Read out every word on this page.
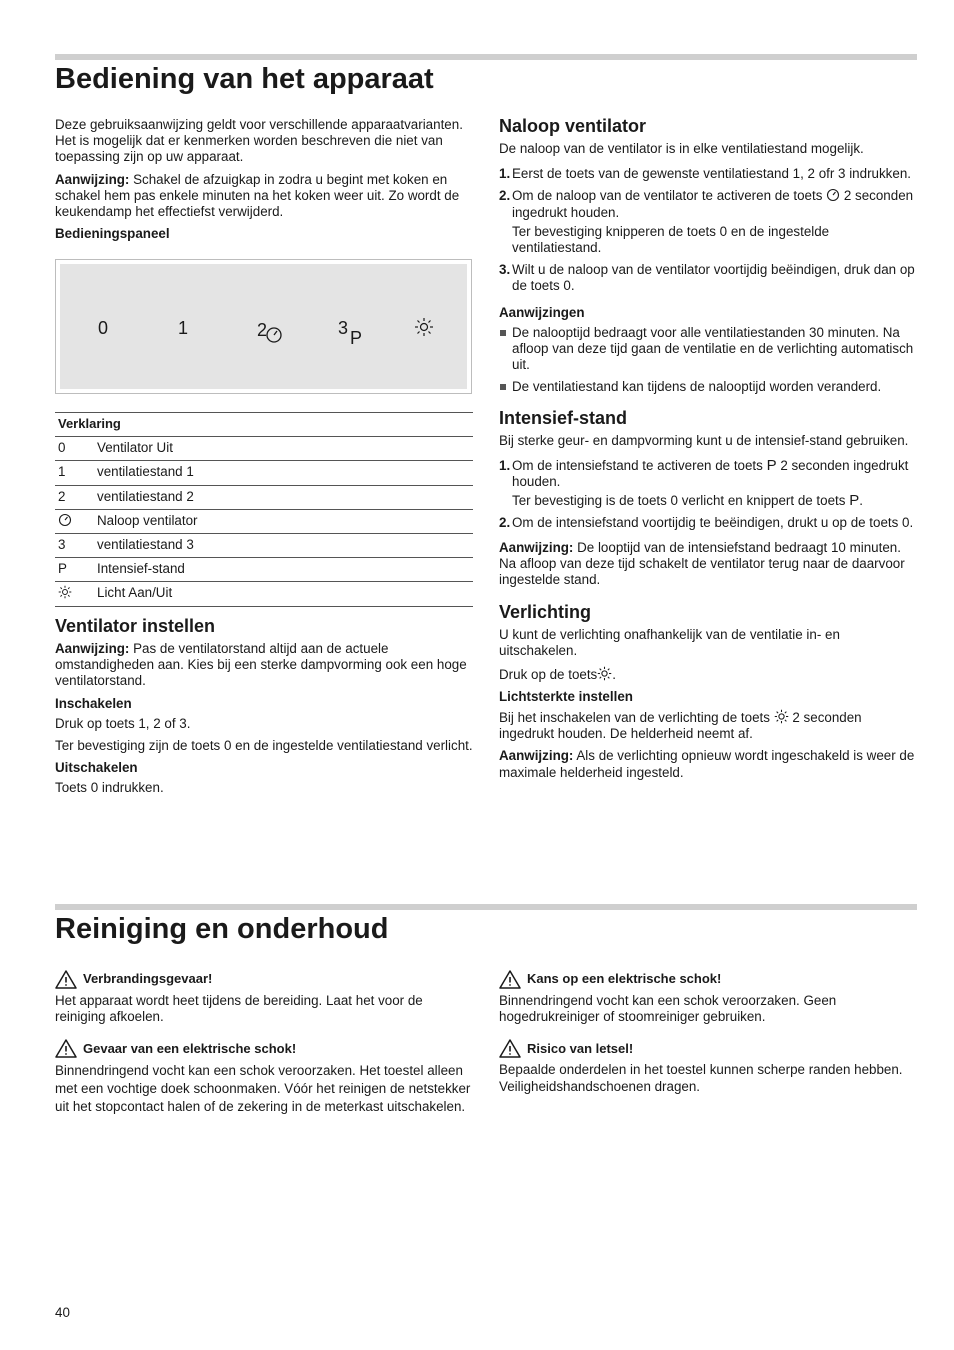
Bediening van het apparaat

Deze gebruiksaanwijzing geldt voor verschillende apparaatvarianten. Het is mogelijk dat er kenmerken worden beschreven die niet van toepassing zijn op uw apparaat.

Aanwijzing: Schakel de afzuigkap in zodra u begint met koken en schakel hem pas enkele minuten na het koken weer uit. Zo wordt de keukendamp het effectiefst verwijderd.

Bedieningspaneel
0	1	2	3 P
Verklaring	
0	Ventilator Uit
1	ventilatiestand 1
2	ventilatiestand 2
	Naloop ventilator
3	ventilatiestand 3
P	Intensief-stand
	Licht Aan/Uit
Ventilator instellen

Aanwijzing: Pas de ventilatorstand altijd aan de actuele omstandigheden aan. Kies bij een sterke dampvorming ook een hoge ventilatorstand.

Inschakelen

Druk op toets 1, 2 of 3.

Ter bevestiging zijn de toets 0 en de ingestelde ventilatiestand verlicht.

Uitschakelen

Toets 0 indrukken.

Naloop ventilator

De naloop van de ventilator is in elke ventilatiestand mogelijk.

1. Eerst de toets van de gewenste ventilatiestand 1, 2 ofr 3 indrukken.
2. Om de naloop van de ventilator te activeren de toets  2 seconden ingedrukt houden.
Ter bevestiging knipperen de toets 0 en de ingestelde ventilatiestand.
3. Wilt u de naloop van de ventilator voortijdig beëindigen, druk dan op de toets 0.
Aanwijzingen
De nalooptijd bedraagt voor alle ventilatiestanden 30 minuten. Na afloop van deze tijd gaan de ventilatie en de verlichting automatisch uit.
De ventilatiestand kan tijdens de nalooptijd worden veranderd.
Intensief-stand

Bij sterke geur- en dampvorming kunt u de intensief-stand gebruiken.

1. Om de intensiefstand te activeren de toets P 2 seconden ingedrukt houden.
Ter bevestiging is de toets 0 verlicht en knippert de toets P.
2. Om de intensiefstand voortijdig te beëindigen, drukt u op de toets 0.

Aanwijzing: De looptijd van de intensiefstand bedraagt 10 minuten. Na afloop van deze tijd schakelt de ventilator terug naar de daarvoor ingestelde stand.

Verlichting

U kunt de verlichting onafhankelijk van de ventilatie in- en uitschakelen.

Druk op de toets .

Lichtsterkte instellen

Bij het inschakelen van de verlichting de toets  2 seconden ingedrukt houden. De helderheid neemt af.

Aanwijzing: Als de verlichting opnieuw wordt ingeschakeld is weer de maximale helderheid ingesteld.

Reiniging en onderhoud
Verbrandingsgevaar!

Het apparaat wordt heet tijdens de bereiding. Laat het voor de reiniging afkoelen.

Gevaar van een elektrische schok!

Binnendringend vocht kan een schok veroorzaken. Het toestel alleen met een vochtige doek schoonmaken. Vóór het reinigen de netstekker uit het stopcontact halen of de zekering in de meterkast uitschakelen.

Kans op een elektrische schok!

Binnendringend vocht kan een schok veroorzaken. Geen hogedrukreiniger of stoomreiniger gebruiken.

Risico van letsel!

Bepaalde onderdelen in het toestel kunnen scherpe randen hebben. Veiligheidshandschoenen dragen.

40
